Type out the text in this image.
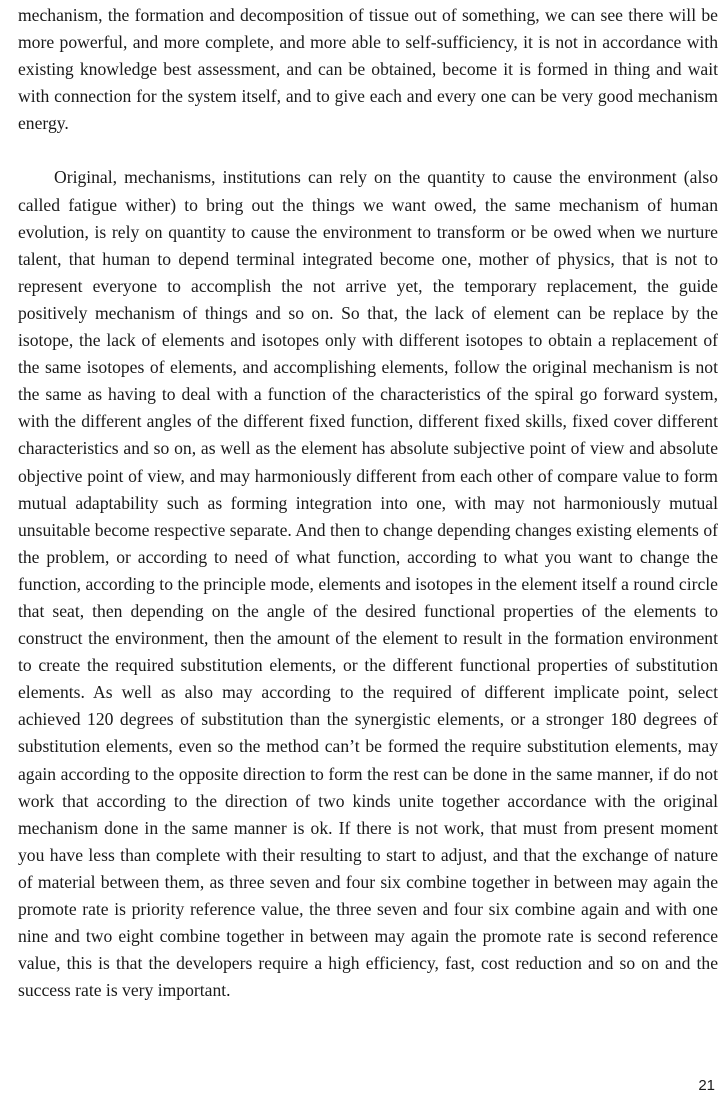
mechanism, the formation and decomposition of tissue out of something, we can see there will be more powerful, and more complete, and more able to self-sufficiency, it is not in accordance with existing knowledge best assessment, and can be obtained, become it is formed in thing and wait with connection for the system itself, and to give each and every one can be very good mechanism energy.

Original, mechanisms, institutions can rely on the quantity to cause the environment (also called fatigue wither) to bring out the things we want owed, the same mechanism of human evolution, is rely on quantity to cause the environment to transform or be owed when we nurture talent, that human to depend terminal integrated become one, mother of physics, that is not to represent everyone to accomplish the not arrive yet, the temporary replacement, the guide positively mechanism of things and so on. So that, the lack of element can be replace by the isotope, the lack of elements and isotopes only with different isotopes to obtain a replacement of the same isotopes of elements, and accomplishing elements, follow the original mechanism is not the same as having to deal with a function of the characteristics of the spiral go forward system, with the different angles of the different fixed function, different fixed skills, fixed cover different characteristics and so on, as well as the element has absolute subjective point of view and absolute objective point of view, and may harmoniously different from each other of compare value to form mutual adaptability such as forming integration into one, with may not harmoniously mutual unsuitable become respective separate. And then to change depending changes existing elements of the problem, or according to need of what function, according to what you want to change the function, according to the principle mode, elements and isotopes in the element itself a round circle that seat, then depending on the angle of the desired functional properties of the elements to construct the environment, then the amount of the element to result in the formation environment to create the required substitution elements, or the different functional properties of substitution elements. As well as also may according to the required of different implicate point, select achieved 120 degrees of substitution than the synergistic elements, or a stronger 180 degrees of substitution elements, even so the method can’t be formed the require substitution elements, may again according to the opposite direction to form the rest can be done in the same manner, if do not work that according to the direction of two kinds unite together accordance with the original mechanism done in the same manner is ok. If there is not work, that must from present moment you have less than complete with their resulting to start to adjust, and that the exchange of nature of material between them, as three seven and four six combine together in between may again the promote rate is priority reference value, the three seven and four six combine again and with one nine and two eight combine together in between may again the promote rate is second reference value, this is that the developers require a high efficiency, fast, cost reduction and so on and the success rate is very important.

21
